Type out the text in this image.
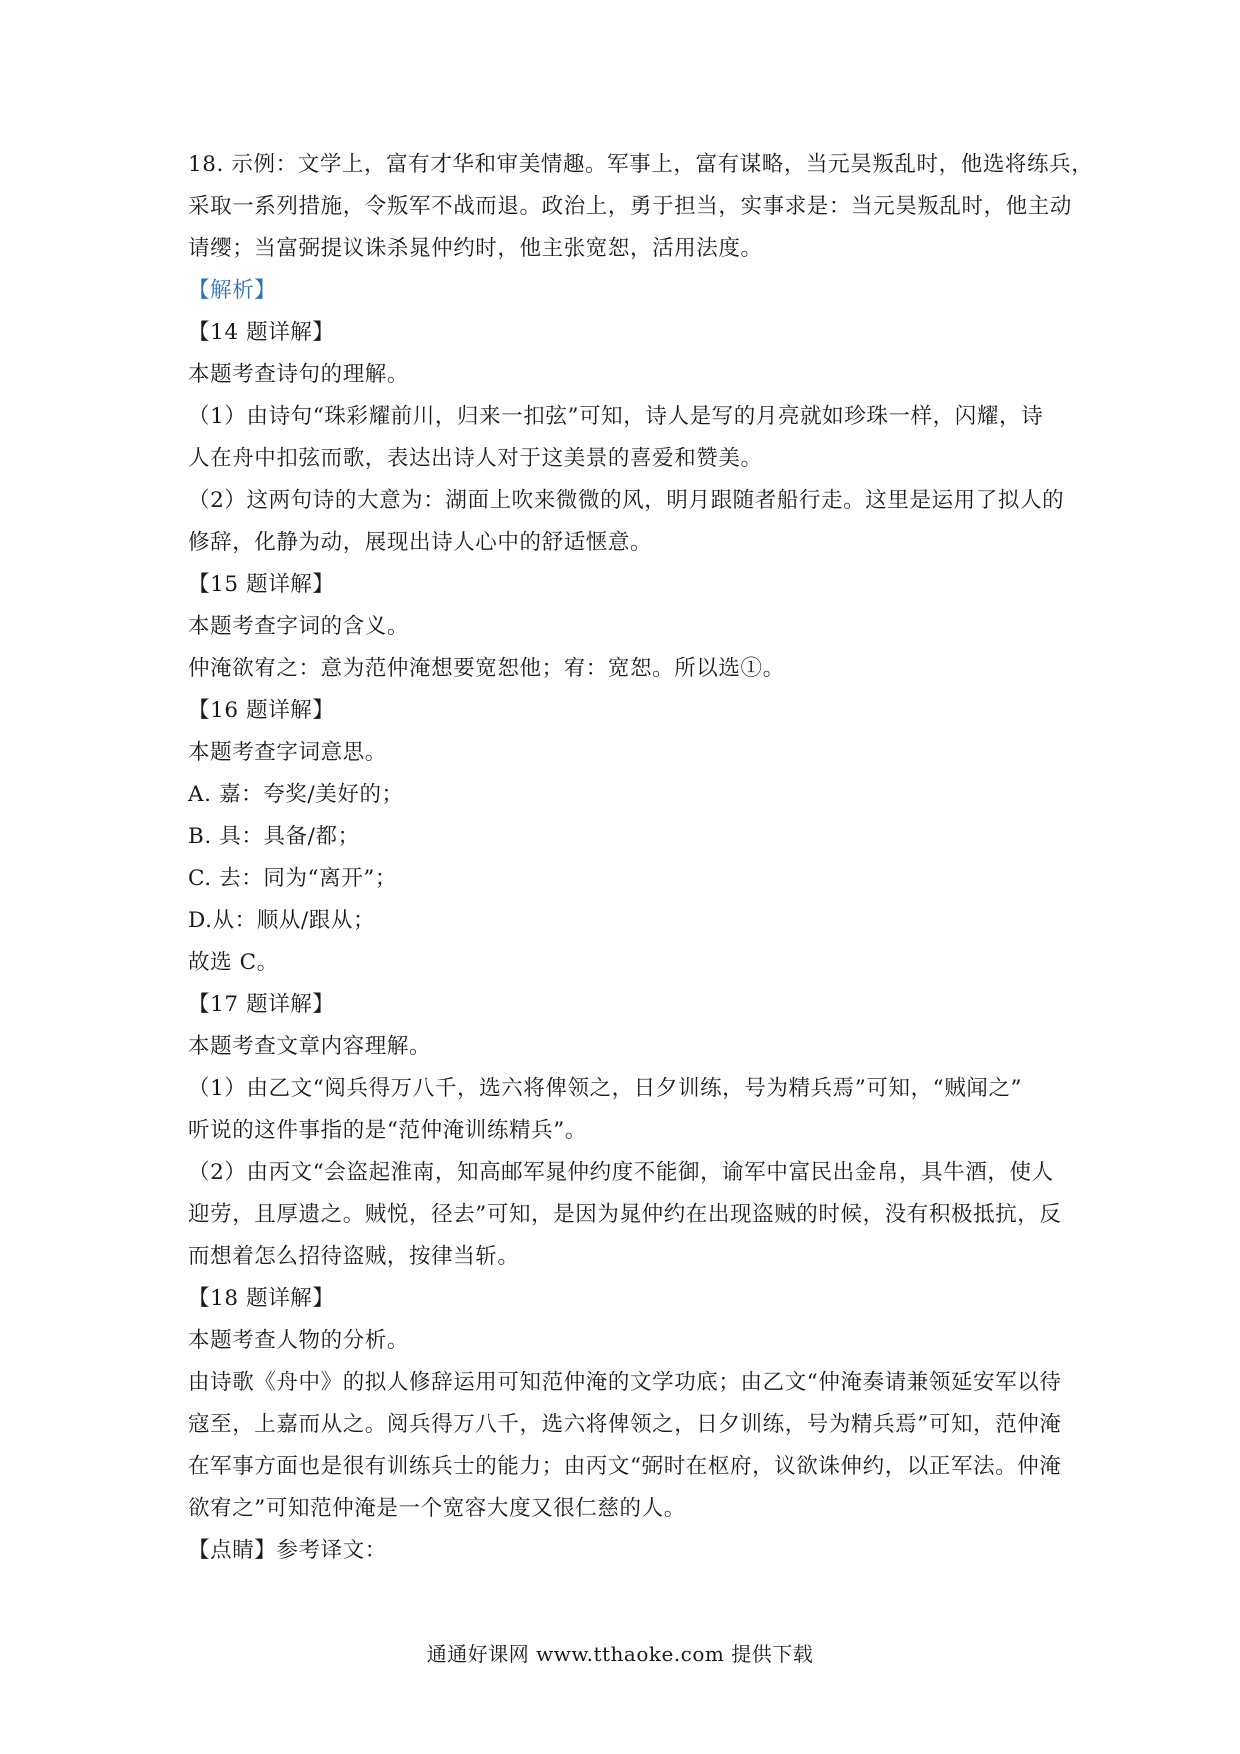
18. 示例：文学上，富有才华和审美情趣。军事上，富有谋略，当元昊叛乱时，他选将练兵，
采取一系列措施，令叛军不战而退。政治上，勇于担当，实事求是：当元昊叛乱时，他主动
请缨；当富弼提议诛杀晁仲约时，他主张宽恕，活用法度。
【解析】
【14 题详解】
本题考查诗句的理解。
（1）由诗句“珠彩耀前川，归来一扣弦”可知，诗人是写的月亮就如珍珠一样，闪耀，诗
人在舟中扣弦而歌，表达出诗人对于这美景的喜爱和赞美。
（2）这两句诗的大意为：湖面上吹来微微的风，明月跟随者船行走。这里是运用了拟人的
修辞，化静为动，展现出诗人心中的舒适惬意。
【15 题详解】
本题考查字词的含义。
仲淹欲宥之：意为范仲淹想要宽恕他；宥：宽恕。所以选①。
【16 题详解】
本题考查字词意思。
A. 嘉：夸奖/美好的；
B. 具：具备/都；
C. 去：同为“离开”；
D.从：顺从/跟从；
故选 C。
【17 题详解】
本题考查文章内容理解。
（1）由乙文“阅兵得万八千，选六将俾领之，日夕训练，号为精兵焉”可知，“贼闻之”
听说的这件事指的是“范仲淹训练精兵”。
（2）由丙文“会盗起淮南，知高邮军晁仲约度不能御，谕军中富民出金帛，具牛酒，使人
迎劳，且厚遗之。贼悦，径去”可知，是因为晁仲约在出现盗贼的时候，没有积极抵抗，反
而想着怎么招待盗贼，按律当斩。
【18 题详解】
本题考查人物的分析。
由诗歌《舟中》的拟人修辞运用可知范仲淹的文学功底；由乙文“仲淹奏请兼领延安军以待
寇至，上嘉而从之。阅兵得万八千，选六将俾领之，日夕训练，号为精兵焉”可知，范仲淹
在军事方面也是很有训练兵士的能力；由丙文“弼时在枢府，议欲诛伸约，以正军法。仲淹
欲宥之”可知范仲淹是一个宽容大度又很仁慈的人。
【点睛】参考译文：
通通好课网 www.tthaoke.com 提供下载
